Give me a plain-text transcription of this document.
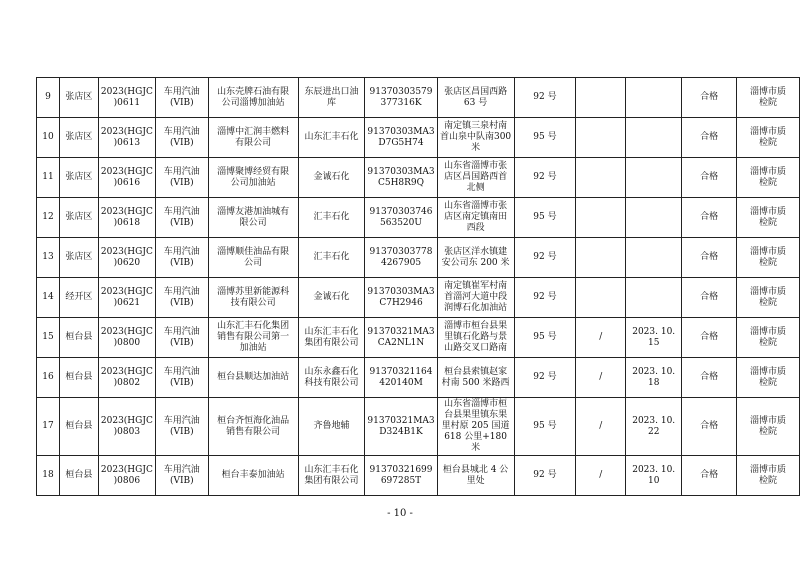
9	张店区	2023(HGJC
)0611	车用汽油
(VIB)	山东壳牌石油有限
公司淄博加油站	东辰进出口油库	91370303579
377316K	张店区昌国西路
63 号	92 号			合格	淄博市质
检院
10	张店区	2023(HGJC
)0613	车用汽油
(VIB)	淄博中汇润丰燃料
有限公司	山东汇丰石化	91370303MA3
D7G5H74	南定镇三泉村南
首山泉中队南300
米	95 号			合格	淄博市质
检院
11	张店区	2023(HGJC
)0616	车用汽油
(VIB)	淄博聚博经贸有限
公司加油站	金诚石化	91370303MA3
C5H8R9Q	山东省淄博市张
店区昌国路西首
北侧	92 号			合格	淄博市质
检院
12	张店区	2023(HGJC
)0618	车用汽油
(VIB)	淄博友港加油城有
限公司	汇丰石化	91370303746
563520U	山东省淄博市张
店区南定镇南田
西段	95 号			合格	淄博市质
检院
13	张店区	2023(HGJC
)0620	车用汽油
(VIB)	淄博顺佳油品有限
公司	汇丰石化	91370303778
4267905	张店区洋水镇建
安公司东 200 米	92 号			合格	淄博市质
检院
14	经开区	2023(HGJC
)0621	车用汽油
(VIB)	淄博苏里新能源科
技有限公司	金诚石化	91370303MA3
C7H2946	南定镇崔军村南
首淄河大道中段
润博石化加油站	92 号			合格	淄博市质
检院
15	桓台县	2023(HGJC
)0800	车用汽油
(VIB)	山东汇丰石化集团
销售有限公司第一
加油站	山东汇丰石化
集团有限公司	91370321MA3
CA2NL1N	淄博市桓台县果
里镇石化路与景
山路交叉口路南	95 号	/	2023. 10.
15	合格	淄博市质
检院
16	桓台县	2023(HGJC
)0802	车用汽油
(VIB)	桓台县顺达加油站	山东永鑫石化
科技有限公司	91370321164
420140M	桓台县索镇赵家
村南 500 米路西	92 号	/	2023. 10.
18	合格	淄博市质
检院
17	桓台县	2023(HGJC
)0803	车用汽油
(VIB)	桓台齐恒海化油品
销售有限公司	齐鲁地辅	91370321MA3
D324B1K	山东省淄博市桓
台县果里镇东果
里村原 205 国道
618 公里+180 米	95 号	/	2023. 10.
22	合格	淄博市质
检院
18	桓台县	2023(HGJC
)0806	车用汽油
(VIB)	桓台丰泰加油站	山东汇丰石化
集团有限公司	91370321699
697285T	桓台县城北 4 公
里处	92 号	/	2023. 10.
10	合格	淄博市质
检院
- 10 -
